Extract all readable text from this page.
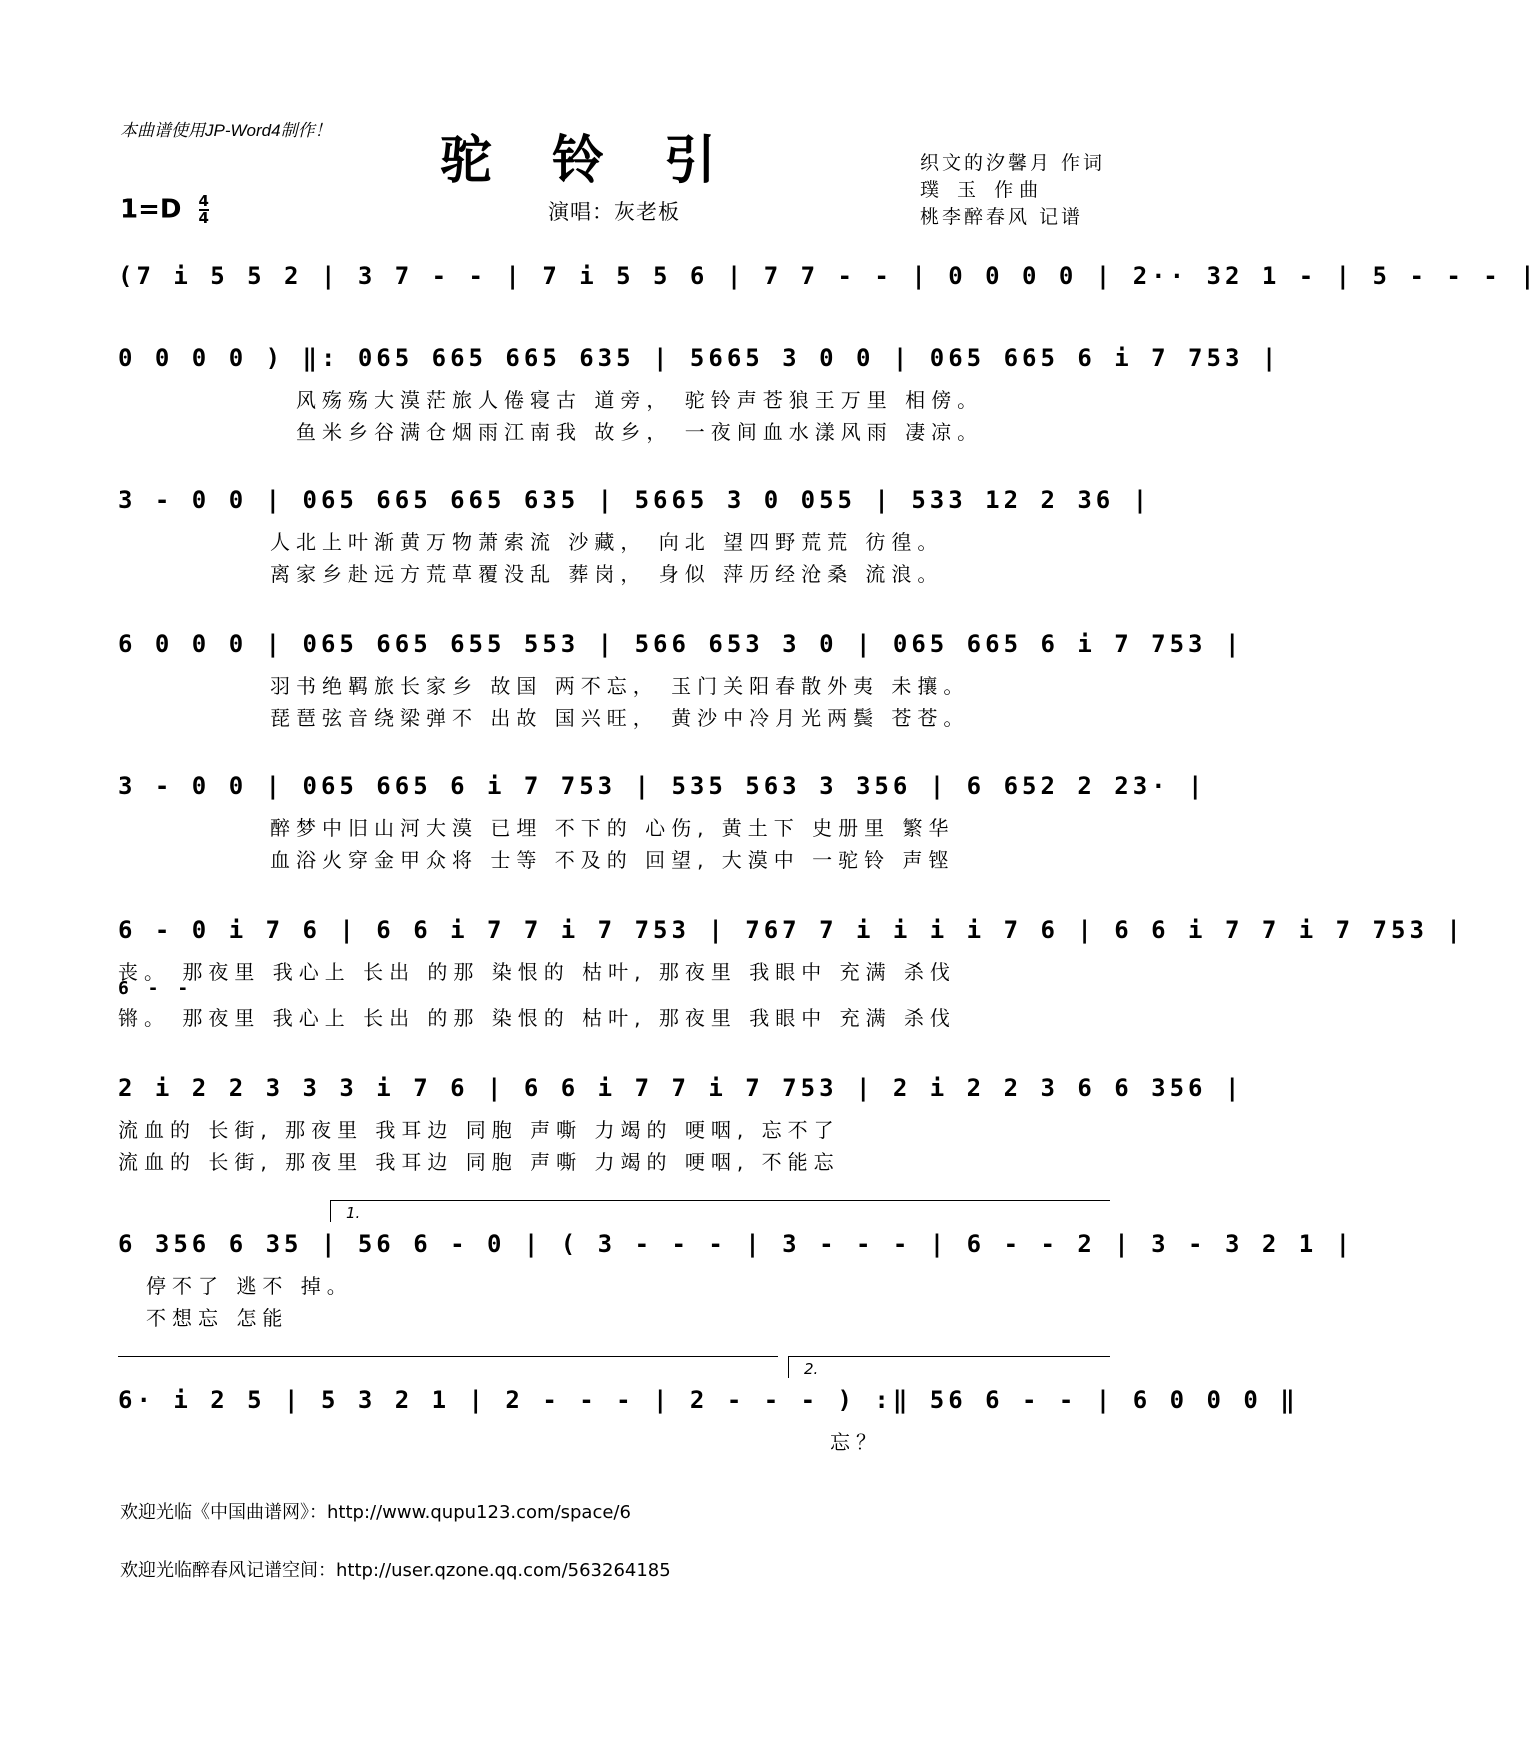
本曲谱使用JP-Word4制作！ 驼铃引	织文的汐馨月 作词
璞 玉 作曲
桃李醉春风 记谱
$1=D \frac{4}{4}$	演唱：灰老板
(7 i 5 5 2 | 3 7 - - | 7 i 5 5 6 | 7 7 - - | 0 0 0 0 | 2·· 32 1 - | 5 - - - |
0 0 0 0 ) ‖: 065 665 665 635 | 5665 3 0 0 | 065 665 6 i 7 753 |
风殇殇大漠茫旅人倦寝古 道旁， 驼铃声苍狼王万里 相傍。
鱼米乡谷满仓烟雨江南我 故乡， 一夜间血水漾风雨 凄凉。
3 - 0 0 | 065 665 665 635 | 5665 3 0 055 | 533 12 2 36 |
人北上叶渐黄万物萧索流 沙藏， 向北 望四野荒荒 彷徨。
离家乡赴远方荒草覆没乱 葬岗， 身似 萍历经沧桑 流浪。
6 0 0 0 | 065 665 655 553 | 566 653 3 0 | 065 665 6 i 7 753 |
羽书绝羁旅长家乡 故国 两不忘， 玉门关阳春散外夷 未攘。
琵琶弦音绕梁弹不 出故 国兴旺， 黄沙中冷月光两鬓 苍苍。
3 - 0 0 | 065 665 6 i 7 753 | 535 563 3 356 | 6 652 2 23· |
醉梦中旧山河大漠 已埋 不下的 心伤, 黄土下 史册里 繁华
血浴火穿金甲众将 士等 不及的 回望, 大漠中 一驼铃 声铿
6 - 0 i 7 6 | 6 6 i 7 7 i 7 753 | 767 7 i i i i 7 6 | 6 6 i 7 7 i 7 753 |
丧。 那夜里 我心上 长出 的那 染恨的 枯叶, 那夜里 我眼中 充满 杀伐
6 - -
锵。 那夜里 我心上 长出 的那 染恨的 枯叶, 那夜里 我眼中 充满 杀伐
2 i 2 2 3 3 3 i 7 6 | 6 6 i 7 7 i 7 753 | 2 i 2 2 3 6 6 356 |
流血的 长街, 那夜里 我耳边 同胞 声嘶 力竭的 哽咽, 忘不了
流血的 长街, 那夜里 我耳边 同胞 声嘶 力竭的 哽咽, 不能忘
1.
6 356 6 35 | 56 6 - 0 | ( 3 - - - | 3 - - - | 6 - - 2 | 3 - 3 2 1 |
停不了 逃不 掉。
不想忘 怎能
2.
6· i 2 5 | 5 3 2 1 | 2 - - - | 2 - - - ) :‖ 56 6 - - | 6 0 0 0 ‖
忘？
欢迎光临《中国曲谱网》：http://www.qupu123.com/space/6
欢迎光临醉春风记谱空间：http://user.qzone.qq.com/563264185
